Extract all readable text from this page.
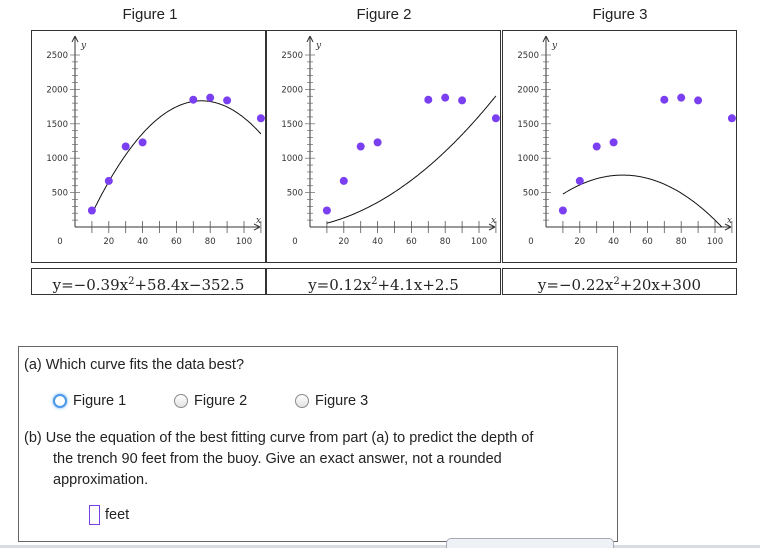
Figure 1	Figure 2	Figure 3
20	40	60	80 100
500
1000
1500
2000
2500
0
x
y
20	40	60	80 100
500
1000
1500
2000
2500
0
x
y
20	40	60	80 100
500
1000
1500
2000
2500
0
x
y
$y=-0.39x^2+58.4x-352.5$	$y=0.12x^2+4.1x+2.5$	$y=-0.22x^2+20x+300$
(a) Which curve fits the data best?
Figure 1	Figure 2	Figure 3
(b) Use the equation of the best fitting curve from part (a) to predict the depth of
the trench 90 feet from the buoy. Give an exact answer, not a rounded
approximation.
feet
